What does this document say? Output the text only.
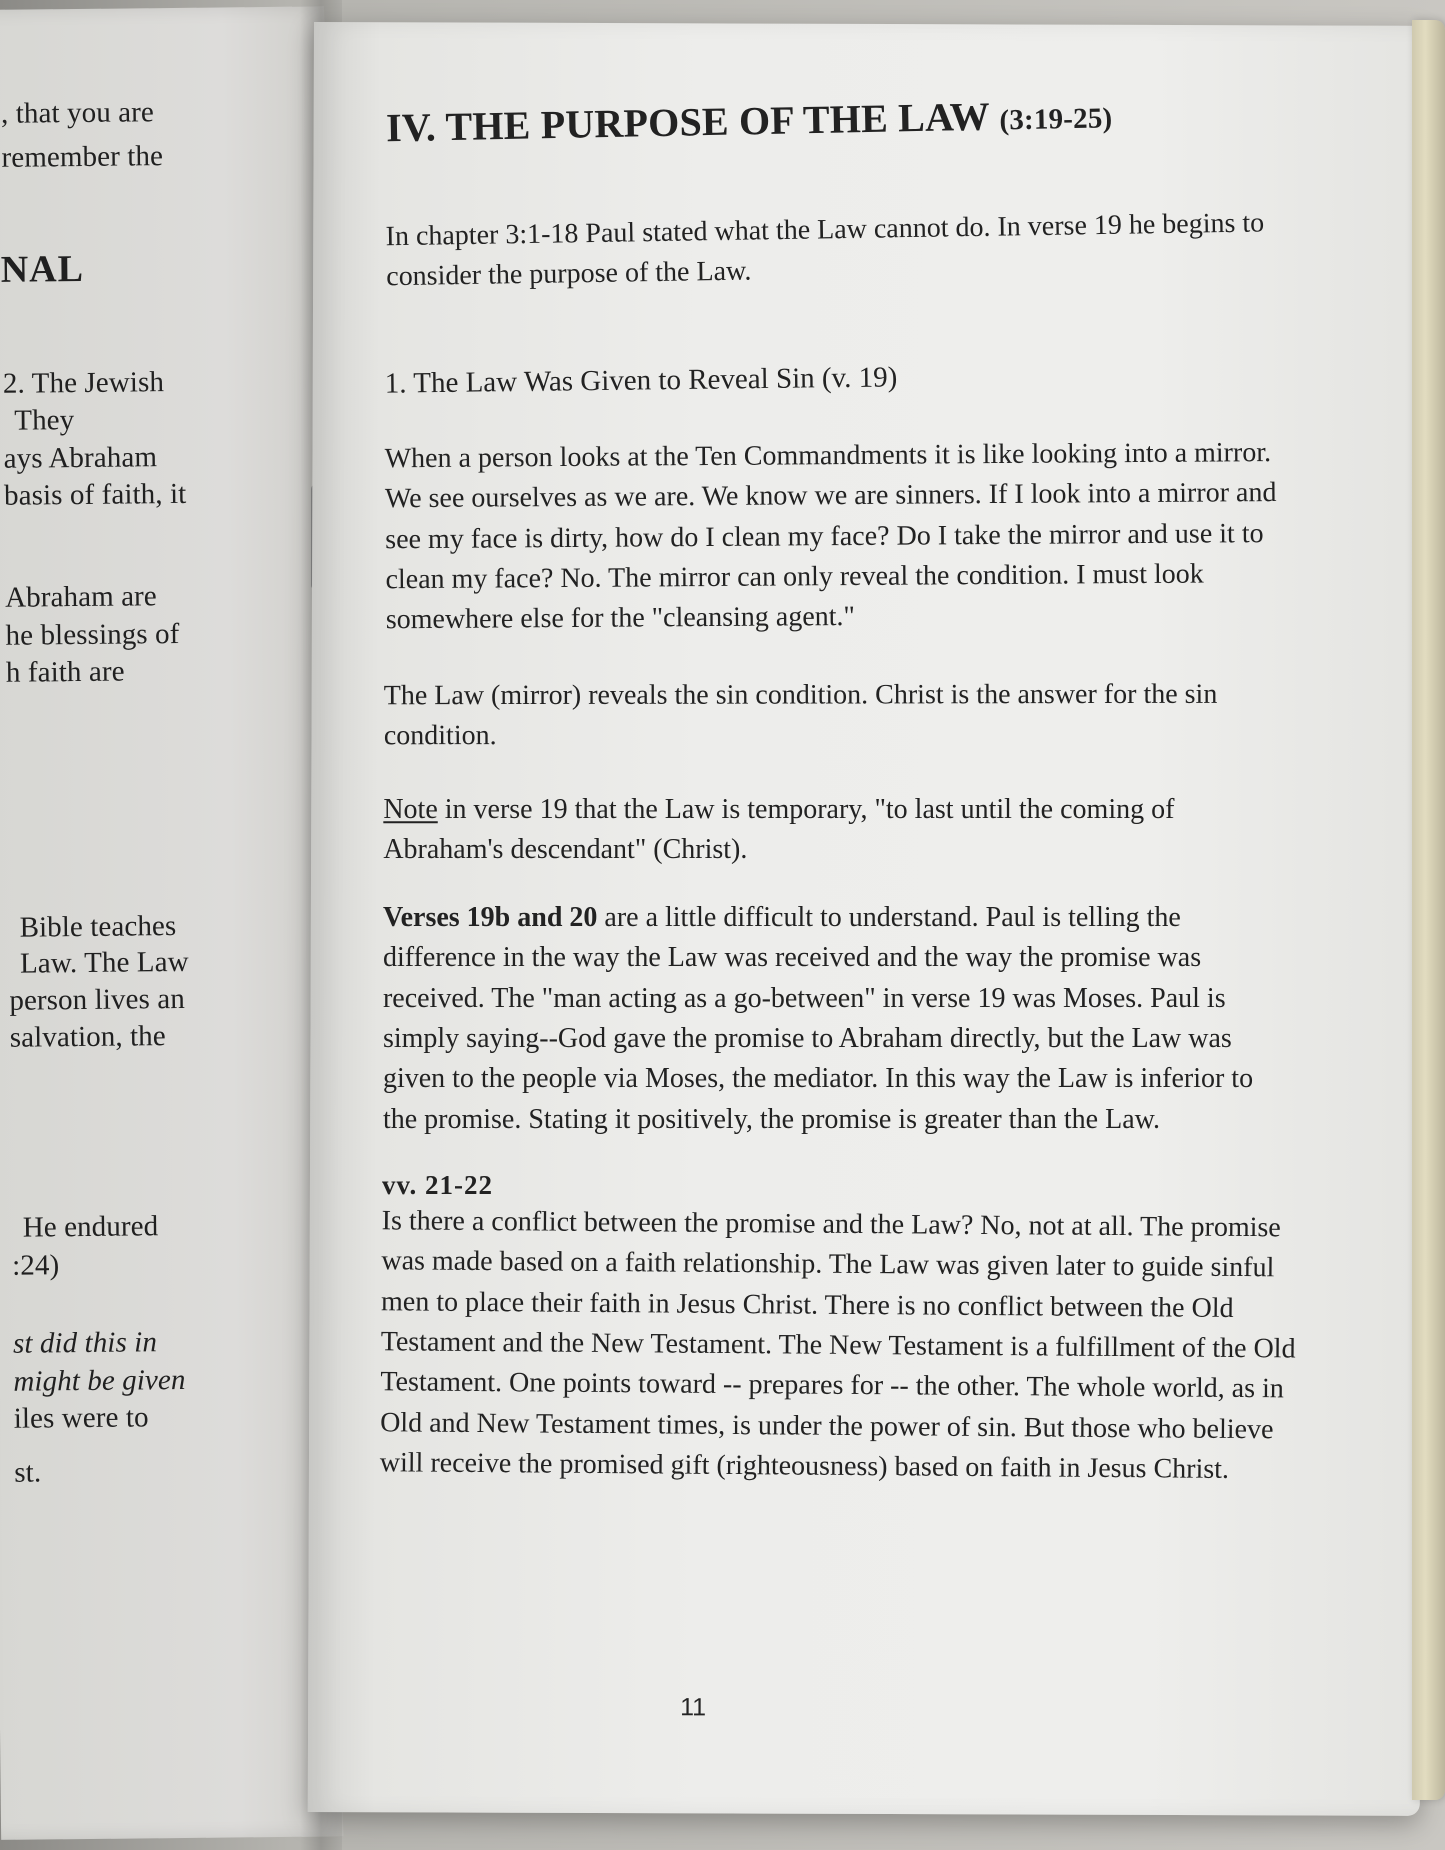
, that you are
remember the
NAL
2. The Jewish
They
ays Abraham
basis of faith, it
Abraham are
he blessings of
h faith are
Bible teaches
Law. The Law
person lives an
salvation, the
He endured
:24)
st did this in
might be given
iles were to
st.
IV. THE PURPOSE OF THE LAW (3:19-25)

In chapter 3:1-18 Paul stated what the Law cannot do. In verse 19 he begins to consider the purpose of the Law.

1. The Law Was Given to Reveal Sin (v. 19)

When a person looks at the Ten Commandments it is like looking into a mirror. We see ourselves as we are. We know we are sinners. If I look into a mirror and see my face is dirty, how do I clean my face? Do I take the mirror and use it to clean my face? No. The mirror can only reveal the condition. I must look somewhere else for the "cleansing agent."

The Law (mirror) reveals the sin condition. Christ is the answer for the sin condition.

Note in verse 19 that the Law is temporary, "to last until the coming of Abraham's descendant" (Christ).

Verses 19b and 20 are a little difficult to understand. Paul is telling the difference in the way the Law was received and the way the promise was received. The "man acting as a go-between" in verse 19 was Moses. Paul is simply saying--God gave the promise to Abraham directly, but the Law was given to the people via Moses, the mediator. In this way the Law is inferior to the promise. Stating it positively, the promise is greater than the Law.

vv. 21-22

Is there a conflict between the promise and the Law? No, not at all. The promise was made based on a faith relationship. The Law was given later to guide sinful men to place their faith in Jesus Christ. There is no conflict between the Old Testament and the New Testament. The New Testament is a fulfillment of the Old Testament. One points toward -- prepares for -- the other. The whole world, as in Old and New Testament times, is under the power of sin. But those who believe will receive the promised gift (righteousness) based on faith in Jesus Christ.

11
